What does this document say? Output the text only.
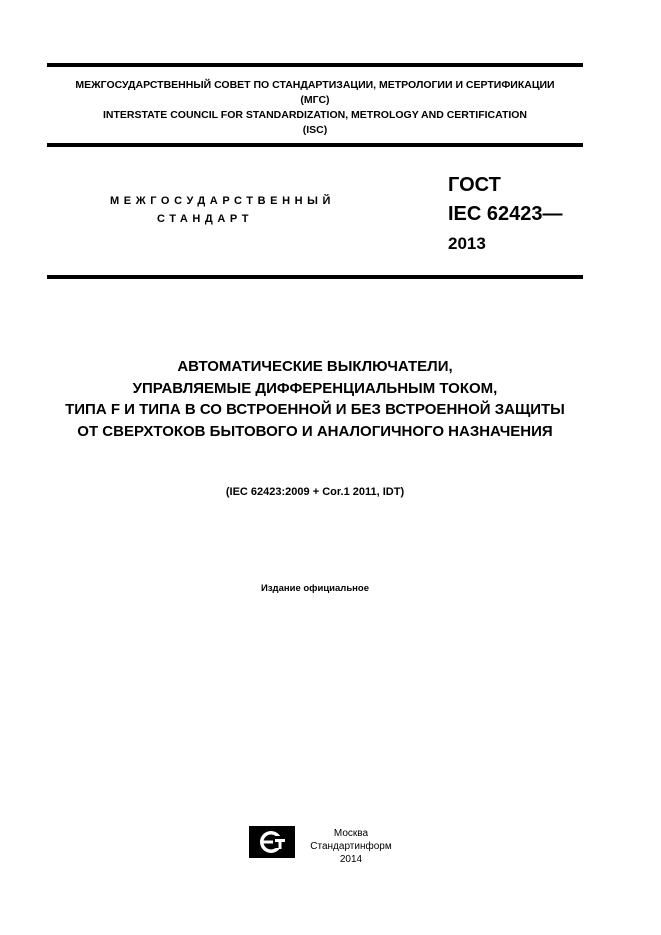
МЕЖГОСУДАРСТВЕННЫЙ СОВЕТ ПО СТАНДАРТИЗАЦИИ, МЕТРОЛОГИИ И СЕРТИФИКАЦИИ
(МГС)
INTERSTATE COUNCIL FOR STANDARDIZATION, METROLOGY AND CERTIFICATION
(ISC)
МЕЖГОСУДАРСТВЕННЫЙ
СТАНДАРТ
ГОСТ
IEC 62423—
2013
АВТОМАТИЧЕСКИЕ ВЫКЛЮЧАТЕЛИ,
УПРАВЛЯЕМЫЕ ДИФФЕРЕНЦИАЛЬНЫМ ТОКОМ,
ТИПА F И ТИПА В СО ВСТРОЕННОЙ И БЕЗ ВСТРОЕННОЙ ЗАЩИТЫ
ОТ СВЕРХТОКОВ БЫТОВОГО И АНАЛОГИЧНОГО НАЗНАЧЕНИЯ
(IEC 62423:2009 + Cor.1 2011, IDT)
Издание официальное
Москва
Стандартинформ
2014
